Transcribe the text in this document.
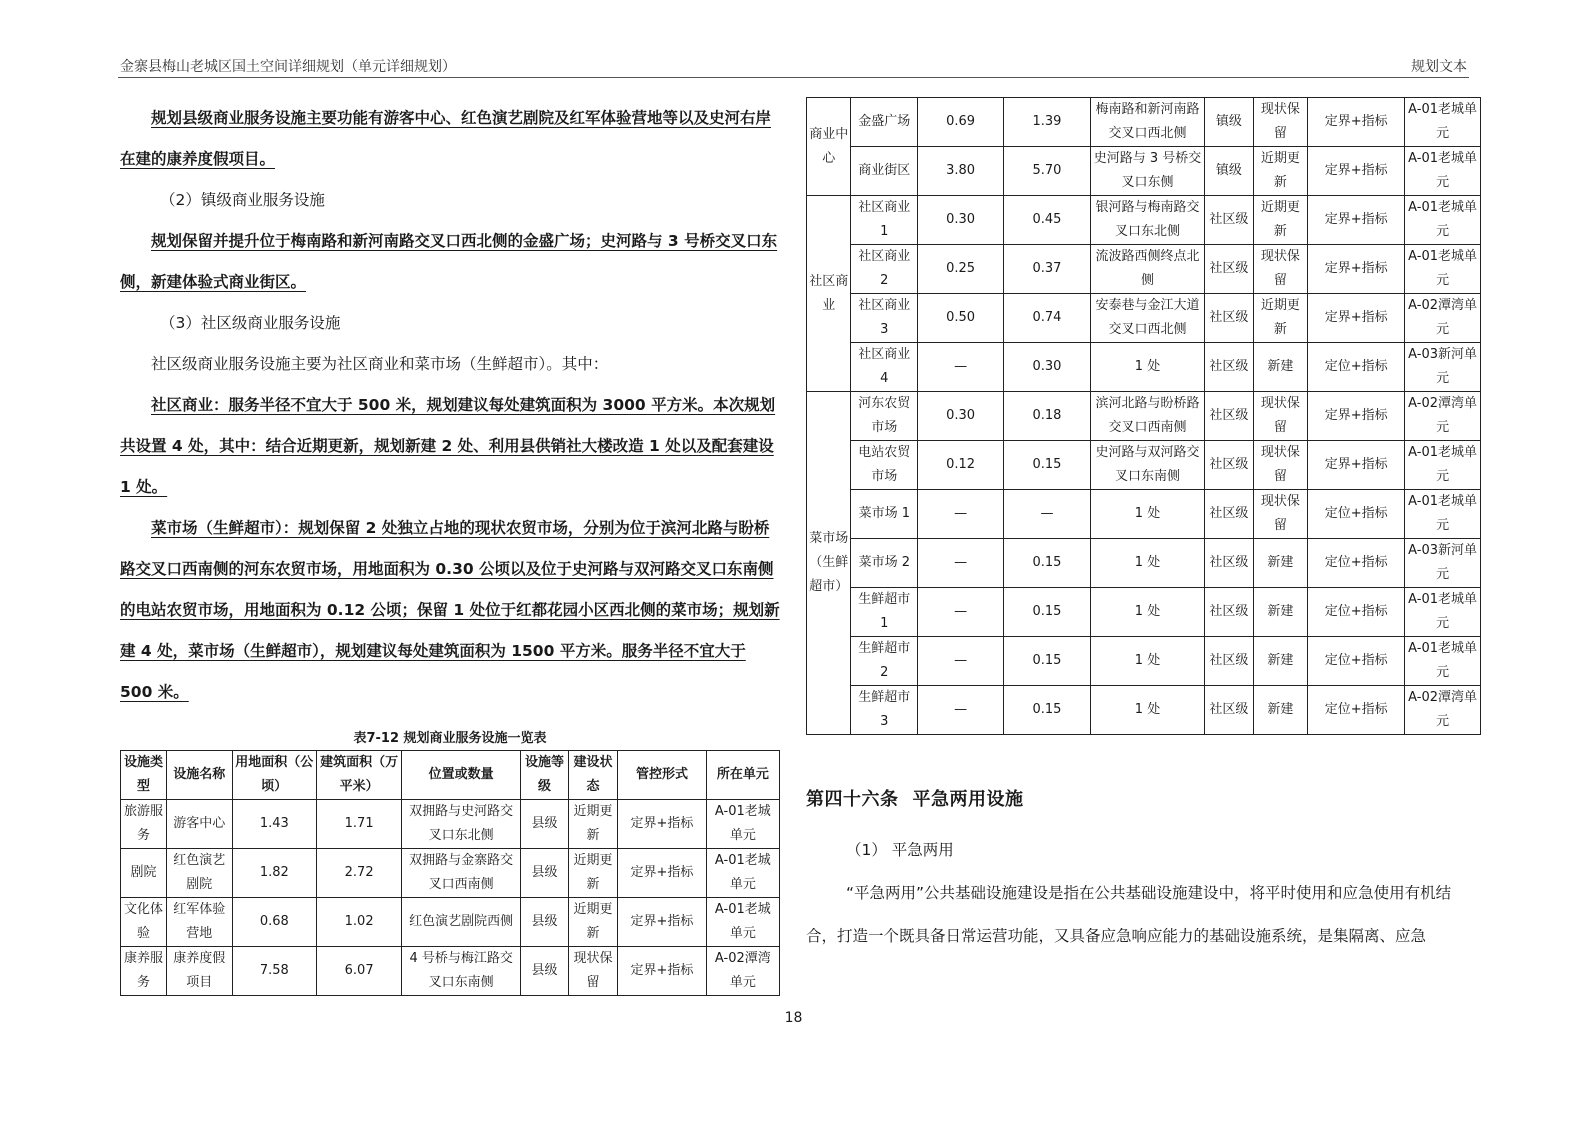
金寨县梅山老城区国土空间详细规划（单元详细规划）	规划文本

规划县级商业服务设施主要功能有游客中心、红色演艺剧院及红军体验营地等以及史河右岸在建的康养度假项目。

（2）镇级商业服务设施

规划保留并提升位于梅南路和新河南路交叉口西北侧的金盛广场；史河路与 3 号桥交叉口东侧，新建体验式商业街区。

（3）社区级商业服务设施

社区级商业服务设施主要为社区商业和菜市场（生鲜超市）。其中：

社区商业：服务半径不宜大于 500 米，规划建议每处建筑面积为 3000 平方米。本次规划共设置 4 处，其中：结合近期更新，规划新建 2 处、利用县供销社大楼改造 1 处以及配套建设 1 处。

菜市场（生鲜超市）：规划保留 2 处独立占地的现状农贸市场，分别为位于滨河北路与盼桥路交叉口西南侧的河东农贸市场，用地面积为 0.30 公顷以及位于史河路与双河路交叉口东南侧的电站农贸市场，用地面积为 0.12 公顷；保留 1 处位于红都花园小区西北侧的菜市场；规划新建 4 处，菜市场（生鲜超市），规划建议每处建筑面积为 1500 平方米。服务半径不宜大于 500 米。

表7-12 规划商业服务设施一览表
设施类型	设施名称	用地面积（公顷）	建筑面积（万平米）	位置或数量	设施等级	建设状态	管控形式	所在单元
旅游服务	游客中心	1.43	1.71	双拥路与史河路交叉口东北侧	县级	近期更新	定界+指标	A-01老城单元
剧院	红色演艺剧院	1.82	2.72	双拥路与金寨路交叉口西南侧	县级	近期更新	定界+指标	A-01老城单元
文化体验	红军体验营地	0.68	1.02	红色演艺剧院西侧	县级	近期更新	定界+指标	A-01老城单元
康养服务	康养度假项目	7.58	6.07	4 号桥与梅江路交叉口东南侧	县级	现状保留	定界+指标	A-02潭湾单元
商业中心	金盛广场	0.69	1.39	梅南路和新河南路交叉口西北侧	镇级	现状保留	定界+指标	A-01老城单元
	商业街区	3.80	5.70	史河路与 3 号桥交叉口东侧	镇级	近期更新	定界+指标	A-01老城单元
社区商业	社区商业 1	0.30	0.45	银河路与梅南路交叉口东北侧	社区级	近期更新	定界+指标	A-01老城单元
	社区商业 2	0.25	0.37	流波路西侧终点北侧	社区级	现状保留	定界+指标	A-01老城单元
	社区商业 3	0.50	0.74	安泰巷与金江大道交叉口西北侧	社区级	近期更新	定界+指标	A-02潭湾单元
	社区商业 4	—	0.30	1 处	社区级	新建	定位+指标	A-03新河单元
菜市场（生鲜超市）	河东农贸市场	0.30	0.18	滨河北路与盼桥路交叉口西南侧	社区级	现状保留	定界+指标	A-02潭湾单元
	电站农贸市场	0.12	0.15	史河路与双河路交叉口东南侧	社区级	现状保留	定界+指标	A-01老城单元
	菜市场 1	—	—	1 处	社区级	现状保留	定位+指标	A-01老城单元
	菜市场 2	—	0.15	1 处	社区级	新建	定位+指标	A-03新河单元
	生鲜超市 1	—	0.15	1 处	社区级	新建	定位+指标	A-01老城单元
	生鲜超市 2	—	0.15	1 处	社区级	新建	定位+指标	A-01老城单元
	生鲜超市 3	—	0.15	1 处	社区级	新建	定位+指标	A-02潭湾单元
第四十六条 平急两用设施

（1） 平急两用

“平急两用”公共基础设施建设是指在公共基础设施建设中，将平时使用和应急使用有机结合，打造一个既具备日常运营功能，又具备应急响应能力的基础设施系统，是集隔离、应急

18
